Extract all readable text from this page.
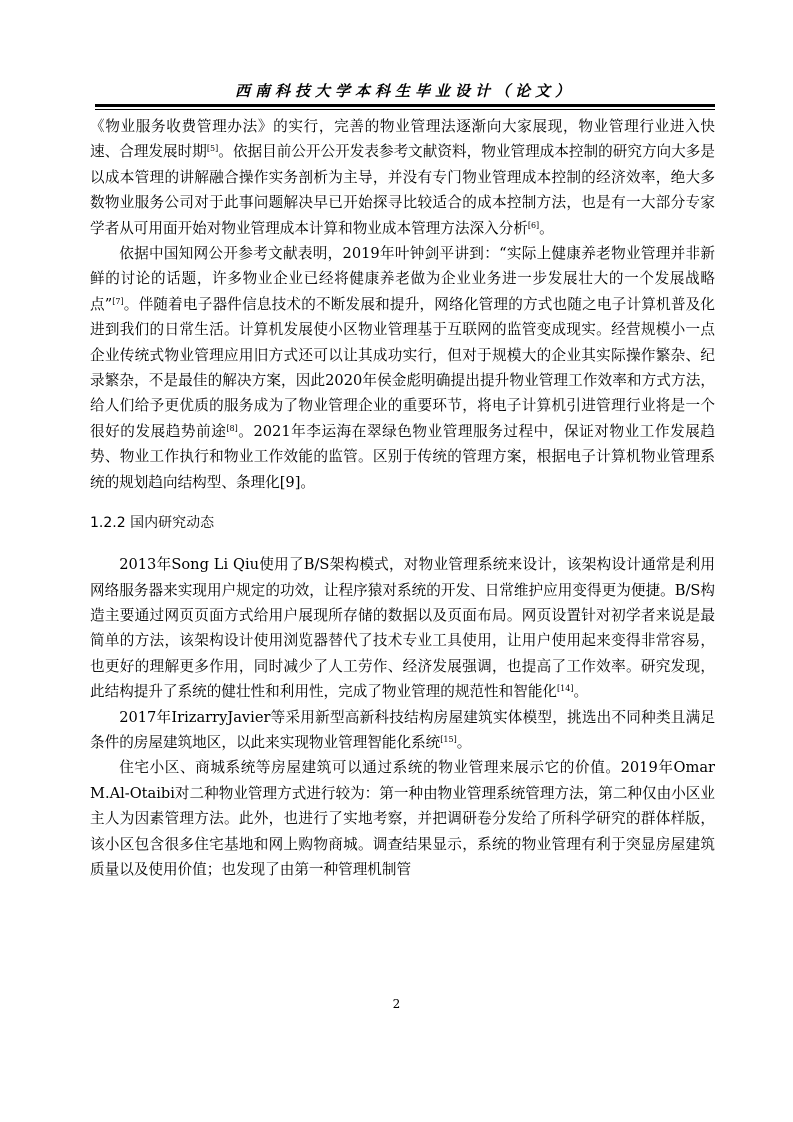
西南科技大学本科生毕业设计（论文）

《物业服务收费管理办法》的实行，完善的物业管理法逐渐向大家展现，物业管理行业进入快速、合理发展时期[5]。依据目前公开公开发表参考文献资料，物业管理成本控制的研究方向大多是以成本管理的讲解融合操作实务剖析为主导，并没有专门物业管理成本控制的经济效率，绝大多数物业服务公司对于此事问题解决早已开始探寻比较适合的成本控制方法，也是有一大部分专家学者从可用面开始对物业管理成本计算和物业成本管理方法深入分析[6]。

依据中国知网公开参考文献表明，2019年叶钟剑平讲到：“实际上健康养老物业管理并非新鲜的讨论的话题，许多物业企业已经将健康养老做为企业业务进一步发展壮大的一个发展战略点”[7]。伴随着电子器件信息技术的不断发展和提升，网络化管理的方式也随之电子计算机普及化进到我们的日常生活。计算机发展使小区物业管理基于互联网的监管变成现实。经营规模小一点企业传统式物业管理应用旧方式还可以让其成功实行，但对于规模大的企业其实际操作繁杂、纪录繁杂，不是最佳的解决方案，因此2020年侯金彪明确提出提升物业管理工作效率和方式方法，给人们给予更优质的服务成为了物业管理企业的重要环节，将电子计算机引进管理行业将是一个很好的发展趋势前途[8]。2021年李运海在翠绿色物业管理服务过程中，保证对物业工作发展趋势、物业工作执行和物业工作效能的监管。区别于传统的管理方案，根据电子计算机物业管理系统的规划趋向结构型、条理化[9]。

1.2.2 国内研究动态

2013年Song Li Qiu使用了B/S架构模式，对物业管理系统来设计，该架构设计通常是利用网络服务器来实现用户规定的功效，让程序猿对系统的开发、日常维护应用变得更为便捷。B/S构造主要通过网页页面方式给用户展现所存储的数据以及页面布局。网页设置针对初学者来说是最简单的方法，该架构设计使用浏览器替代了技术专业工具使用，让用户使用起来变得非常容易，也更好的理解更多作用，同时减少了人工劳作、经济发展强调，也提高了工作效率。研究发现，此结构提升了系统的健壮性和利用性，完成了物业管理的规范性和智能化[14]。

2017年IrizarryJavier等采用新型高新科技结构房屋建筑实体模型，挑选出不同种类且满足条件的房屋建筑地区，以此来实现物业管理智能化系统[15]。

住宅小区、商城系统等房屋建筑可以通过系统的物业管理来展示它的价值。2019年Omar M.Al-Otaibi对二种物业管理方式进行较为：第一种由物业管理系统管理方法，第二种仅由小区业主人为因素管理方法。此外，也进行了实地考察，并把调研卷分发给了所科学研究的群体样版，该小区包含很多住宅基地和网上购物商城。调查结果显示，系统的物业管理有利于突显房屋建筑质量以及使用价值；也发现了由第一种管理机制管

2
